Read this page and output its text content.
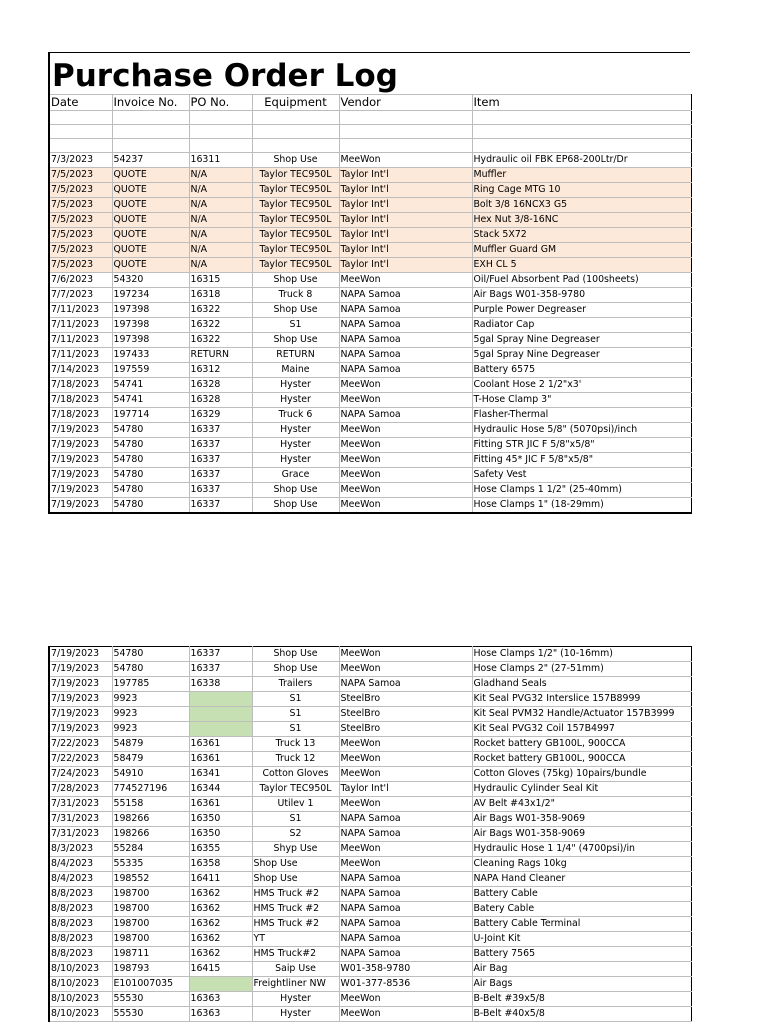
Purchase Order Log
Date	Invoice No.	PO No.	Equipment	Vendor	Item

7/3/2023	54237	16311	Shop Use	MeeWon	Hydraulic oil FBK EP68-200Ltr/Dr
7/5/2023	QUOTE	N/A	Taylor TEC950L	Taylor Int'l	Muffler
7/5/2023	QUOTE	N/A	Taylor TEC950L	Taylor Int'l	Ring Cage MTG 10
7/5/2023	QUOTE	N/A	Taylor TEC950L	Taylor Int'l	Bolt 3/8 16NCX3 G5
7/5/2023	QUOTE	N/A	Taylor TEC950L	Taylor Int'l	Hex Nut 3/8-16NC
7/5/2023	QUOTE	N/A	Taylor TEC950L	Taylor Int'l	Stack 5X72
7/5/2023	QUOTE	N/A	Taylor TEC950L	Taylor Int'l	Muffler Guard GM
7/5/2023	QUOTE	N/A	Taylor TEC950L	Taylor Int'l	EXH CL 5
7/6/2023	54320	16315	Shop Use	MeeWon	Oil/Fuel Absorbent Pad (100sheets)
7/7/2023	197234	16318	Truck 8	NAPA Samoa	Air Bags W01-358-9780
7/11/2023	197398	16322	Shop Use	NAPA Samoa	Purple Power Degreaser
7/11/2023	197398	16322	S1	NAPA Samoa	Radiator Cap
7/11/2023	197398	16322	Shop Use	NAPA Samoa	5gal Spray Nine Degreaser
7/11/2023	197433	RETURN	RETURN	NAPA Samoa	5gal Spray Nine Degreaser
7/14/2023	197559	16312	Maine	NAPA Samoa	Battery 6575
7/18/2023	54741	16328	Hyster	MeeWon	Coolant Hose 2 1/2"x3'
7/18/2023	54741	16328	Hyster	MeeWon	T-Hose Clamp 3"
7/18/2023	197714	16329	Truck 6	NAPA Samoa	Flasher-Thermal
7/19/2023	54780	16337	Hyster	MeeWon	Hydraulic Hose 5/8" (5070psi)/inch
7/19/2023	54780	16337	Hyster	MeeWon	Fitting STR JIC F 5/8"x5/8"
7/19/2023	54780	16337	Hyster	MeeWon	Fitting 45* JIC F 5/8"x5/8"
7/19/2023	54780	16337	Grace	MeeWon	Safety Vest
7/19/2023	54780	16337	Shop Use	MeeWon	Hose Clamps 1 1/2" (25-40mm)
7/19/2023	54780	16337	Shop Use	MeeWon	Hose Clamps 1" (18-29mm)
7/19/2023	54780	16337	Shop Use	MeeWon	Hose Clamps 1/2" (10-16mm)
7/19/2023	54780	16337	Shop Use	MeeWon	Hose Clamps 2" (27-51mm)
7/19/2023	197785	16338	Trailers	NAPA Samoa	Gladhand Seals
7/19/2023	9923		S1	SteelBro	Kit Seal PVG32 Interslice 157B8999
7/19/2023	9923		S1	SteelBro	Kit Seal PVM32 Handle/Actuator 157B3999
7/19/2023	9923		S1	SteelBro	Kit Seal PVG32 Coil 157B4997
7/22/2023	54879	16361	Truck 13	MeeWon	Rocket battery GB100L, 900CCA
7/22/2023	58479	16361	Truck 12	MeeWon	Rocket battery GB100L, 900CCA
7/24/2023	54910	16341	Cotton Gloves	MeeWon	Cotton Gloves (75kg) 10pairs/bundle
7/28/2023	774527196	16344	Taylor TEC950L	Taylor Int'l	Hydraulic Cylinder Seal Kit
7/31/2023	55158	16361	Utilev 1	MeeWon	AV Belt #43x1/2"
7/31/2023	198266	16350	S1	NAPA Samoa	Air Bags W01-358-9069
7/31/2023	198266	16350	S2	NAPA Samoa	Air Bags W01-358-9069
8/3/2023	55284	16355	Shyp Use	MeeWon	Hydraulic Hose 1 1/4" (4700psi)/in
8/4/2023	55335	16358	Shop Use	MeeWon	Cleaning Rags 10kg
8/4/2023	198552	16411	Shop Use	NAPA Samoa	NAPA Hand Cleaner
8/8/2023	198700	16362	HMS Truck #2	NAPA Samoa	Battery Cable
8/8/2023	198700	16362	HMS Truck #2	NAPA Samoa	Batery Cable
8/8/2023	198700	16362	HMS Truck #2	NAPA Samoa	Battery Cable Terminal
8/8/2023	198700	16362	YT	NAPA Samoa	U-Joint Kit
8/8/2023	198711	16362	HMS Truck#2	NAPA Samoa	Battery 7565
8/10/2023	198793	16415	Saip Use	W01-358-9780	Air Bag
8/10/2023	E101007035		Freightliner NW	W01-377-8536	Air Bags
8/10/2023	55530	16363	Hyster	MeeWon	B-Belt #39x5/8
8/10/2023	55530	16363	Hyster	MeeWon	B-Belt #40x5/8
